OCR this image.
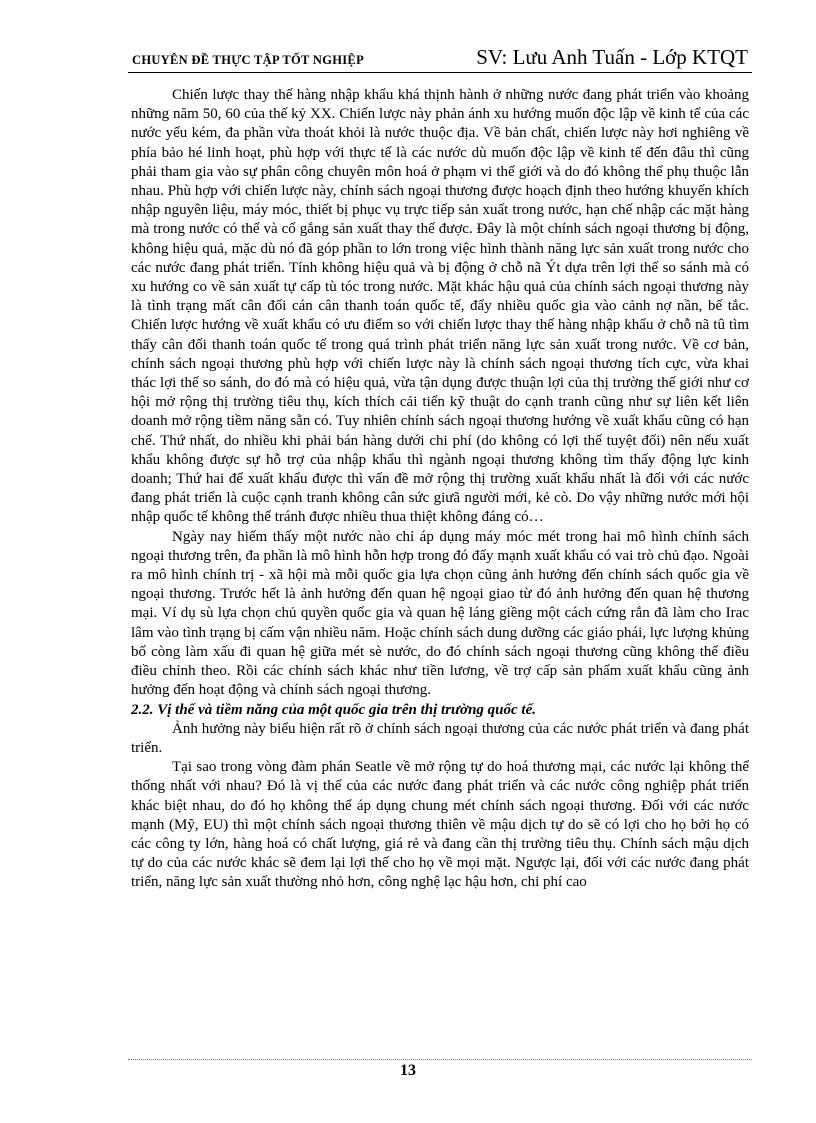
CHUYÊN ĐỀ THỰC TẬP TỐT NGHIỆP	SV: Lưu Anh Tuấn - Lớp KTQT

Chiến lược thay thế hàng nhập khẩu khá thịnh hành ở những nước đang phát triển vào khoảng những năm 50, 60 của thế kỷ XX. Chiến lược này phản ánh xu hướng muốn độc lập về kinh tế của các nước yếu kém, đa phần vừa thoát khỏi là nước thuộc địa. Về bản chất, chiến lược này hơi nghiêng về phía bảo hé linh hoạt, phù hợp với thực tế là các nước dù muốn độc lập về kinh tế đến đâu thì cũng phải tham gia vào sự phân công chuyên môn hoá ở phạm vi thế giới và do đó không thể phụ thuộc lẫn nhau. Phù hợp với chiến lược này, chính sách ngoại thương được hoạch định theo hướng khuyến khích nhập nguyên liệu, máy móc, thiết bị phục vụ trực tiếp sản xuất trong nước, hạn chế nhập các mặt hàng mà trong nước có thể và cố gắng sản xuất thay thế được. Đây là một chính sách ngoại thương bị động, không hiệu quả, mặc dù nó đã góp phần to lớn trong việc hình thành năng lực sản xuất trong nước cho các nước đang phát triển. Tính không hiệu quả và bị động ở chỗ nã Ýt dựa trên lợi thế so sánh mà có xu hướng co về sản xuất tự cấp tù tóc trong nước. Mặt khác hậu quả của chính sách ngoại thương này là tình trạng mất cân đối cán cân thanh toán quốc tế, đẩy nhiều quốc gia vào cảnh nợ nần, bế tắc. Chiến lược hướng về xuất khẩu có ưu điểm so với chiến lược thay thế hàng nhập khẩu ở chỗ nã tû tìm thấy cân đối thanh toán quốc tế trong quá trình phát triển năng lực sản xuất trong nước. Về cơ bản, chính sách ngoại thương phù hợp với chiến lược này là chính sách ngoại thương tích cực, vừa khai thác lợi thế so sánh, do đó mà có hiệu quả, vừa tận dụng được thuận lợi của thị trường thế giới như cơ hội mở rộng thị trường tiêu thụ, kích thích cải tiến kỹ thuật do cạnh tranh cũng như sự liên kết liên doanh mở rộng tiềm năng sẵn có. Tuy nhiên chính sách ngoại thương hướng về xuất khẩu cũng có hạn chế. Thứ nhất, do nhiều khi phải bán hàng dưới chi phí (do không có lợi thế tuyệt đối) nên nếu xuất khẩu không được sự hỗ trợ của nhập khẩu thì ngành ngoại thương không tìm thấy động lực kinh doanh; Thứ hai để xuất khẩu được thì vấn đề mở rộng thị trường xuất khẩu nhất là đối với các nước đang phát triển là cuộc cạnh tranh không cân sức giưã người mới, kẻ cò. Do vậy những nước mới hội nhập quốc tế không thể tránh được nhiều thua thiệt không đáng có…

Ngày nay hiếm thấy một nước nào chỉ áp dụng máy móc mét trong hai mô hình chính sách ngoại thương trên, đa phần là mô hình hỗn hợp trong đó đẩy mạnh xuất khẩu có vai trò chủ đạo. Ngoài ra mô hình chính trị - xã hội mà mỗi quốc gia lựa chọn cũng ảnh hưởng đến chính sách quốc gia về ngoại thương. Trước hết là ảnh hưởng đến quan hệ ngoại giao từ đó ảnh hưởng đến quan hệ thương mại. Ví dụ sù lựa chọn chủ quyền quốc gia và quan hệ láng giềng một cách cứng rắn đã làm cho Irac lâm vào tình trạng bị cấm vận nhiều năm. Hoặc chính sách dung dưỡng các giáo phái, lực lượng khủng bố còng làm xấu đi quan hệ giữa mét sè nước, do đó chính sách ngoại thương cũng không thể điều điều chỉnh theo. Rồi các chính sách khác như tiền lương, về trợ cấp sản phẩm xuất khẩu cũng ảnh hưởng đến hoạt động và chính sách ngoại thương.

2.2. Vị thế và tiềm năng của một quốc gia trên thị trường quốc tế.

Ảnh hưởng này biểu hiện rất rõ ở chính sách ngoại thương của các nước phát triển và đang phát triển.

Tại sao trong vòng đàm phán Seatle về mở rộng tự do hoá thương mại, các nước lại không thể thống nhất với nhau? Đó là vị thế của các nước đang phát triển và các nước công nghiệp phát triển khác biệt nhau, do đó họ không thể áp dụng chung mét chính sách ngoại thương. Đối với các nước mạnh (Mỹ, EU) thì một chính sách ngoại thương thiên về mậu dịch tự do sẽ có lợi cho họ bởi họ có các công ty lớn, hàng hoá có chất lượng, giá rẻ và đang cần thị trường tiêu thụ. Chính sách mậu dịch tự do của các nước khác sẽ đem lại lợi thế cho họ về mọi mặt. Ngược lại, đối với các nước đang phát triển, năng lực sản xuất thường nhỏ hơn, công nghệ lạc hậu hơn, chi phí cao

13
